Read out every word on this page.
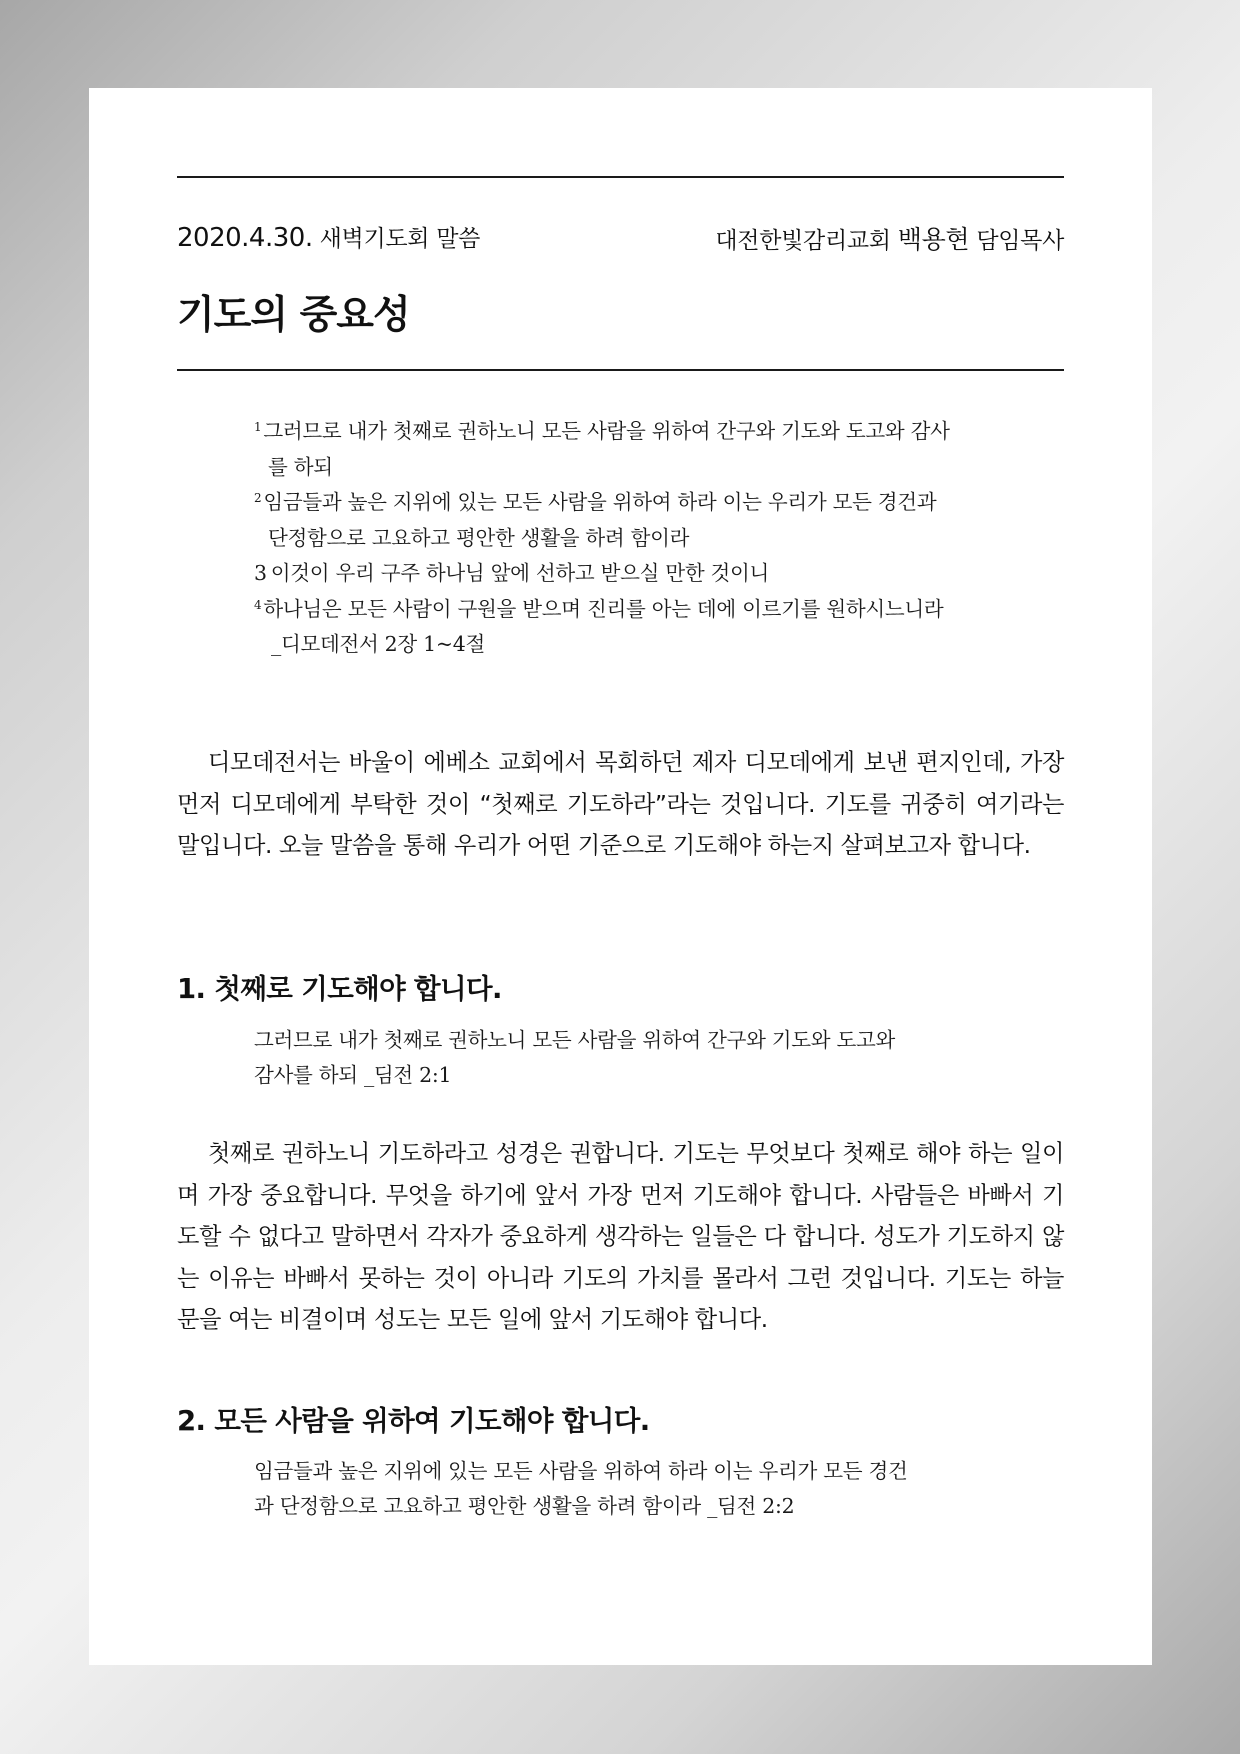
2020.4.30. 새벽기도회 말씀	대전한빛감리교회 백용현 담임목사
기도의 중요성
$^1$그러므로 내가 첫째로 권하노니 모든 사람을 위하여 간구와 기도와 도고와 감사를 하되
$^2$임금들과 높은 지위에 있는 모든 사람을 위하여 하라 이는 우리가 모든 경건과 단정함으로 고요하고 평안한 생활을 하려 함이라
3 이것이 우리 구주 하나님 앞에 선하고 받으실 만한 것이니
$^4$하나님은 모든 사람이 구원을 받으며 진리를 아는 데에 이르기를 원하시느니라
_디모데전서 2장 1~4절

디모데전서는 바울이 에베소 교회에서 목회하던 제자 디모데에게 보낸 편지인데, 가장 먼저 디모데에게 부탁한 것이 “첫째로 기도하라”라는 것입니다. 기도를 귀중히 여기라는 말입니다. 오늘 말씀을 통해 우리가 어떤 기준으로 기도해야 하는지 살펴보고자 합니다.

1. 첫째로 기도해야 합니다.
그러므로 내가 첫째로 권하노니 모든 사람을 위하여 간구와 기도와 도고와
감사를 하되 _딤전 2:1

첫째로 권하노니 기도하라고 성경은 권합니다. 기도는 무엇보다 첫째로 해야 하는 일이며 가장 중요합니다. 무엇을 하기에 앞서 가장 먼저 기도해야 합니다. 사람들은 바빠서 기도할 수 없다고 말하면서 각자가 중요하게 생각하는 일들은 다 합니다. 성도가 기도하지 않는 이유는 바빠서 못하는 것이 아니라 기도의 가치를 몰라서 그런 것입니다. 기도는 하늘 문을 여는 비결이며 성도는 모든 일에 앞서 기도해야 합니다.

2. 모든 사람을 위하여 기도해야 합니다.
임금들과 높은 지위에 있는 모든 사람을 위하여 하라 이는 우리가 모든 경건
과 단정함으로 고요하고 평안한 생활을 하려 함이라 _딤전 2:2
